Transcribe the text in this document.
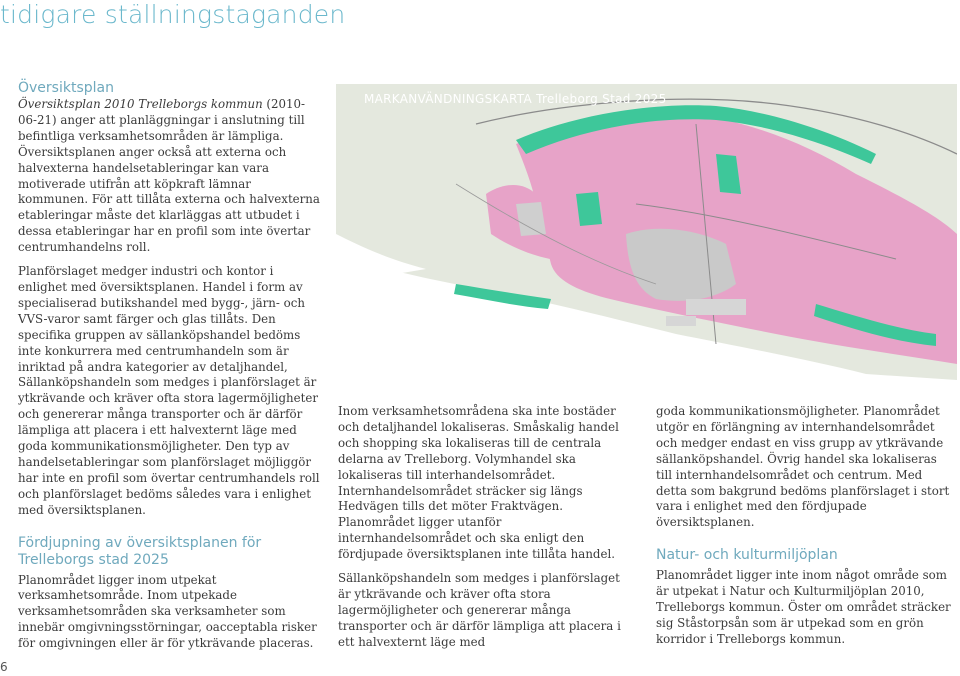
tidigare ställningstaganden

Översiktsplan

Översiktsplan 2010 Trelleborgs kommun (2010-06-21) anger att planläggningar i anslutning till befintliga verksamhetsområden är lämpliga. Översiktsplanen anger också att externa och halvexterna handelsetableringar kan vara motiverade utifrån att köpkraft lämnar kommunen. För att tillåta externa och halvexterna etableringar måste det klarläggas att utbudet i dessa etableringar har en profil som inte övertar centrumhandelns roll.

Planförslaget medger industri och kontor i enlighet med översiktsplanen. Handel i form av specialiserad butikshandel med bygg-, järn- och VVS-varor samt färger och glas tillåts. Den specifika gruppen av sällanköpshandel bedöms inte konkurrera med centrumhandeln som är inriktad på andra kategorier av detaljhandel, Sällanköpshandeln som medges i planförslaget är ytkrävande och kräver ofta stora lagermöjligheter och genererar många transporter och är därför lämpliga att placera i ett halvexternt läge med goda kommunikationsmöjligheter. Den typ av handelsetableringar som planförslaget möjliggör har inte en profil som övertar centrumhandels roll och planförslaget bedöms således vara i enlighet med översiktsplanen.

Fördjupning av översiktsplanen för Trelleborgs stad 2025

Planområdet ligger inom utpekat verksamhetsområde. Inom utpekade verksamhetsområden ska verksamheter som innebär omgivningsstörningar, oacceptabla risker för omgivningen eller är för ytkrävande placeras.

MARKANVÄNDNINGSKARTA Trelleborg Stad 2025

Inom verksamhetsområdena ska inte bostäder och detaljhandel lokaliseras. Småskalig handel och shopping ska lokaliseras till de centrala delarna av Trelleborg. Volymhandel ska lokaliseras till interhandelsområdet. Internhandelsområdet sträcker sig längs Hedvägen tills det möter Fraktvägen. Planområdet ligger utanför internhandelsområdet och ska enligt den fördjupade översiktsplanen inte tillåta handel.

Sällanköpshandeln som medges i planförslaget är ytkrävande och kräver ofta stora lagermöjligheter och genererar många transporter och är därför lämpliga att placera i ett halvexternt läge med

goda kommunikationsmöjligheter. Planområdet utgör en förlängning av internhandelsområdet och medger endast en viss grupp av ytkrävande sällanköpshandel. Övrig handel ska lokaliseras till internhandelsområdet och centrum. Med detta som bakgrund bedöms planförslaget i stort vara i enlighet med den fördjupade översiktsplanen.

Natur- och kulturmiljöplan

Planområdet ligger inte inom något område som är utpekat i Natur och Kulturmiljöplan 2010, Trelleborgs kommun. Öster om området sträcker sig Ståstorpsån som är utpekad som en grön korridor i Trelleborgs kommun.

6
